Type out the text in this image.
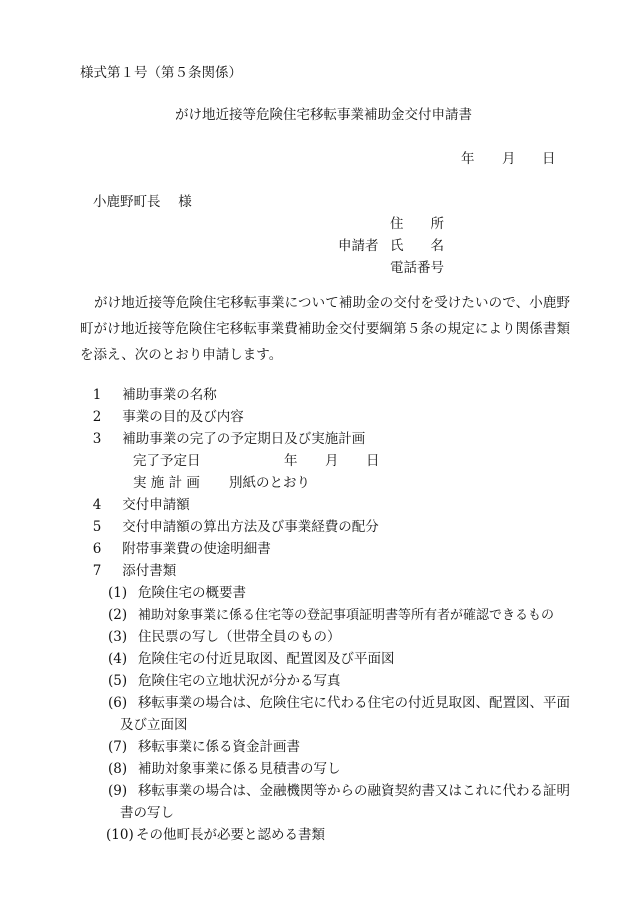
様式第１号（第５条関係）
がけ地近接等危険住宅移転事業補助金交付申請書
年 月 日
小鹿野町長　 様
住　　所
申請者 氏　　名
電話番号
がけ地近接等危険住宅移転事業について補助金の交付を受けたいので、小鹿野町がけ地近接等危険住宅移転事業費補助金交付要綱第５条の規定により関係書類を添え、次のとおり申請します。
1 補助事業の名称
2 事業の目的及び内容
3 補助事業の完了の予定期日及び実施計画
完了予定日	年 月 日
実 施 計 画 別紙のとおり
4 交付申請額
5 交付申請額の算出方法及び事業経費の配分
6 附帯事業費の使途明細書
7 添付書類
(1) 危険住宅の概要書
(2) 補助対象事業に係る住宅等の登記事項証明書等所有者が確認できるもの
(3) 住民票の写し（世帯全員のもの）
(4) 危険住宅の付近見取図、配置図及び平面図
(5) 危険住宅の立地状況が分かる写真
(6) 移転事業の場合は、危険住宅に代わる住宅の付近見取図、配置図、平面
及び立面図
(7) 移転事業に係る資金計画書
(8) 補助対象事業に係る見積書の写し
(9) 移転事業の場合は、金融機関等からの融資契約書又はこれに代わる証明
書の写し
(10) その他町長が必要と認める書類
